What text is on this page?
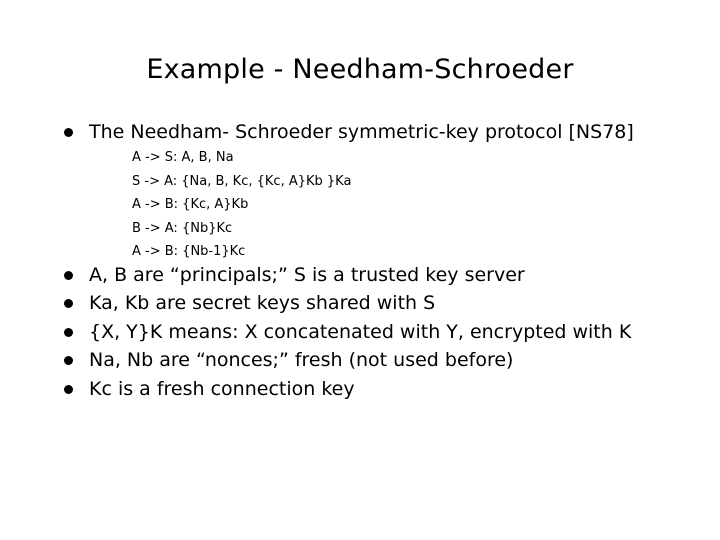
Example - Needham-Schroeder
The Needham- Schroeder symmetric-key protocol [NS78]
A -> S: A, B, Na
S -> A: {Na, B, Kc, {Kc, A}Kb }Ka
A -> B: {Kc, A}Kb
B -> A: {Nb}Kc
A -> B: {Nb-1}Kc
A, B are “principals;” S is a trusted key server
Ka, Kb are secret keys shared with S
{X, Y}K means: X concatenated with Y, encrypted with K
Na, Nb are “nonces;” fresh (not used before)
Kc is a fresh connection key
